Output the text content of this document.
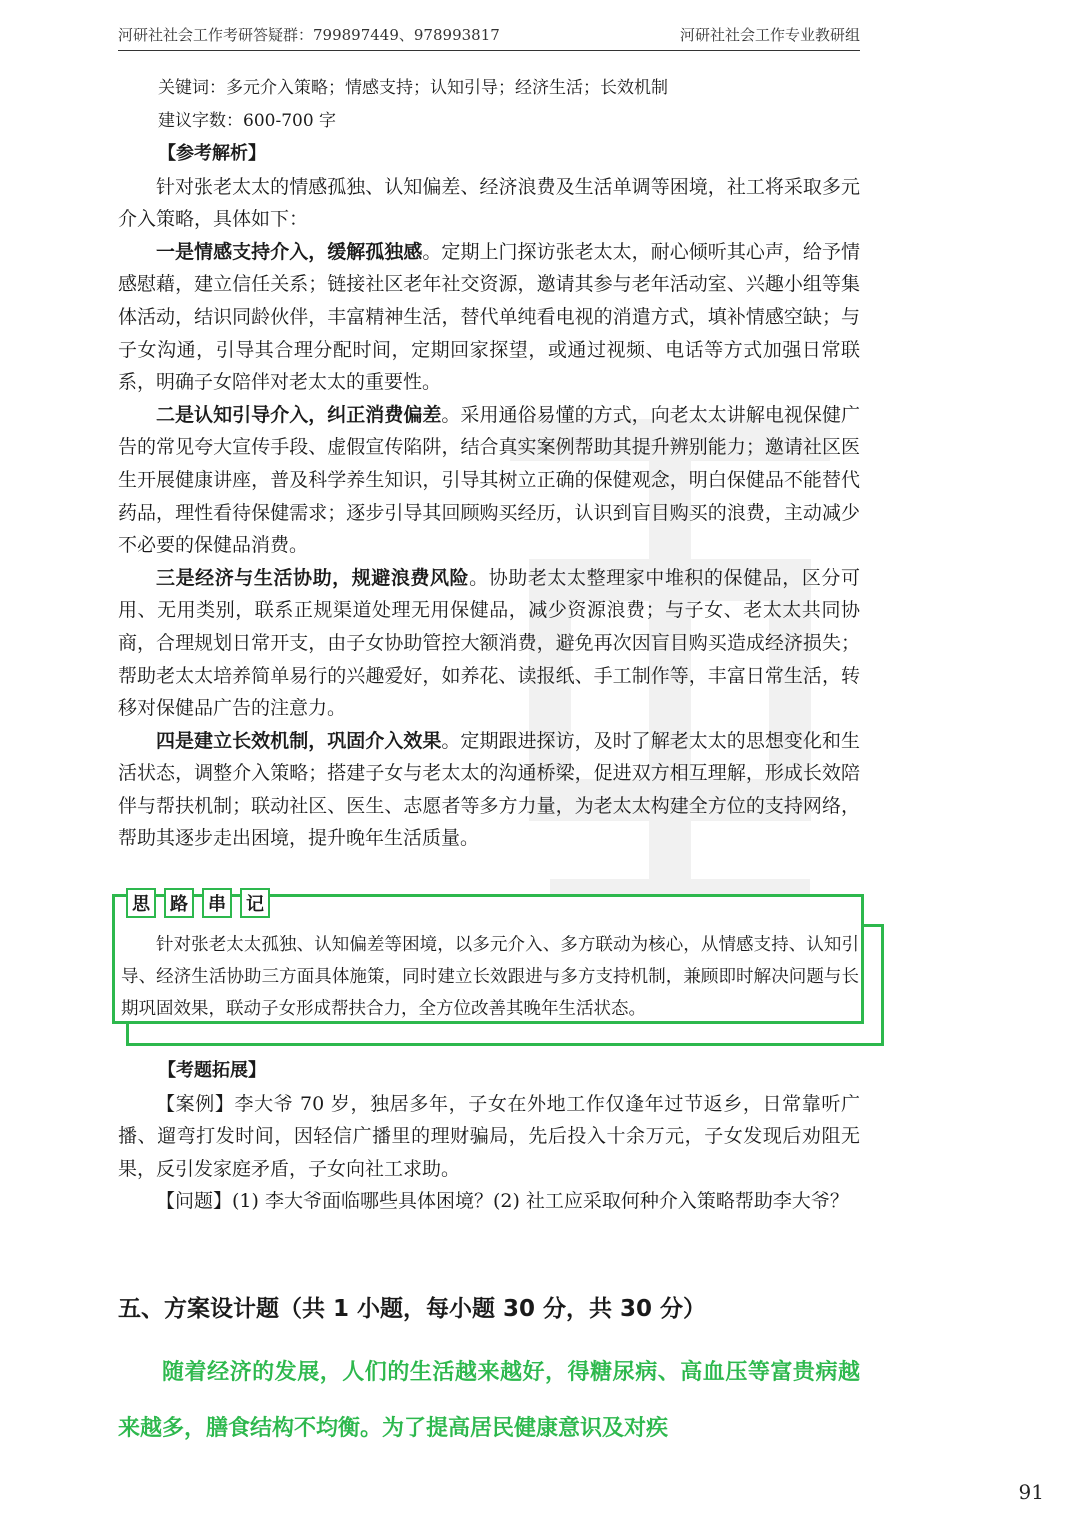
河研社社会工作考研答疑群：799897449、978993817	河研社社会工作专业教研组

关键词：多元介入策略；情感支持；认知引导；经济生活；长效机制

建议字数：600-700 字

【参考解析】

针对张老太太的情感孤独、认知偏差、经济浪费及生活单调等困境，社工将采取多元介入策略，具体如下：

一是情感支持介入，缓解孤独感。定期上门探访张老太太，耐心倾听其心声，给予情感慰藉，建立信任关系；链接社区老年社交资源，邀请其参与老年活动室、兴趣小组等集体活动，结识同龄伙伴，丰富精神生活，替代单纯看电视的消遣方式，填补情感空缺；与子女沟通，引导其合理分配时间，定期回家探望，或通过视频、电话等方式加强日常联系，明确子女陪伴对老太太的重要性。

二是认知引导介入，纠正消费偏差。采用通俗易懂的方式，向老太太讲解电视保健广告的常见夸大宣传手段、虚假宣传陷阱，结合真实案例帮助其提升辨别能力；邀请社区医生开展健康讲座，普及科学养生知识，引导其树立正确的保健观念，明白保健品不能替代药品，理性看待保健需求；逐步引导其回顾购买经历，认识到盲目购买的浪费，主动减少不必要的保健品消费。

三是经济与生活协助，规避浪费风险。协助老太太整理家中堆积的保健品，区分可用、无用类别，联系正规渠道处理无用保健品，减少资源浪费；与子女、老太太共同协商，合理规划日常开支，由子女协助管控大额消费，避免再次因盲目购买造成经济损失；帮助老太太培养简单易行的兴趣爱好，如养花、读报纸、手工制作等，丰富日常生活，转移对保健品广告的注意力。

四是建立长效机制，巩固介入效果。定期跟进探访，及时了解老太太的思想变化和生活状态，调整介入策略；搭建子女与老太太的沟通桥梁，促进双方相互理解，形成长效陪伴与帮扶机制；联动社区、医生、志愿者等多方力量，为老太太构建全方位的支持网络，帮助其逐步走出困境，提升晚年生活质量。

针对张老太太孤独、认知偏差等困境，以多元介入、多方联动为核心，从情感支持、认知引导、经济生活协助三方面具体施策，同时建立长效跟进与多方支持机制，兼顾即时解决问题与长期巩固效果，联动子女形成帮扶合力，全方位改善其晚年生活状态。
思	路	串	记

【考题拓展】

【案例】李大爷 70 岁，独居多年，子女在外地工作仅逢年过节返乡，日常靠听广播、遛弯打发时间，因轻信广播里的理财骗局，先后投入十余万元，子女发现后劝阻无果，反引发家庭矛盾，子女向社工求助。

【问题】(1) 李大爷面临哪些具体困境？(2) 社工应采取何种介入策略帮助李大爷？

五、方案设计题（共 1 小题，每小题 30 分，共 30 分）
随着经济的发展，人们的生活越来越好，得糖尿病、高血压等富贵病越来越多，膳食结构不均衡。为了提高居民健康意识及对疾
91
